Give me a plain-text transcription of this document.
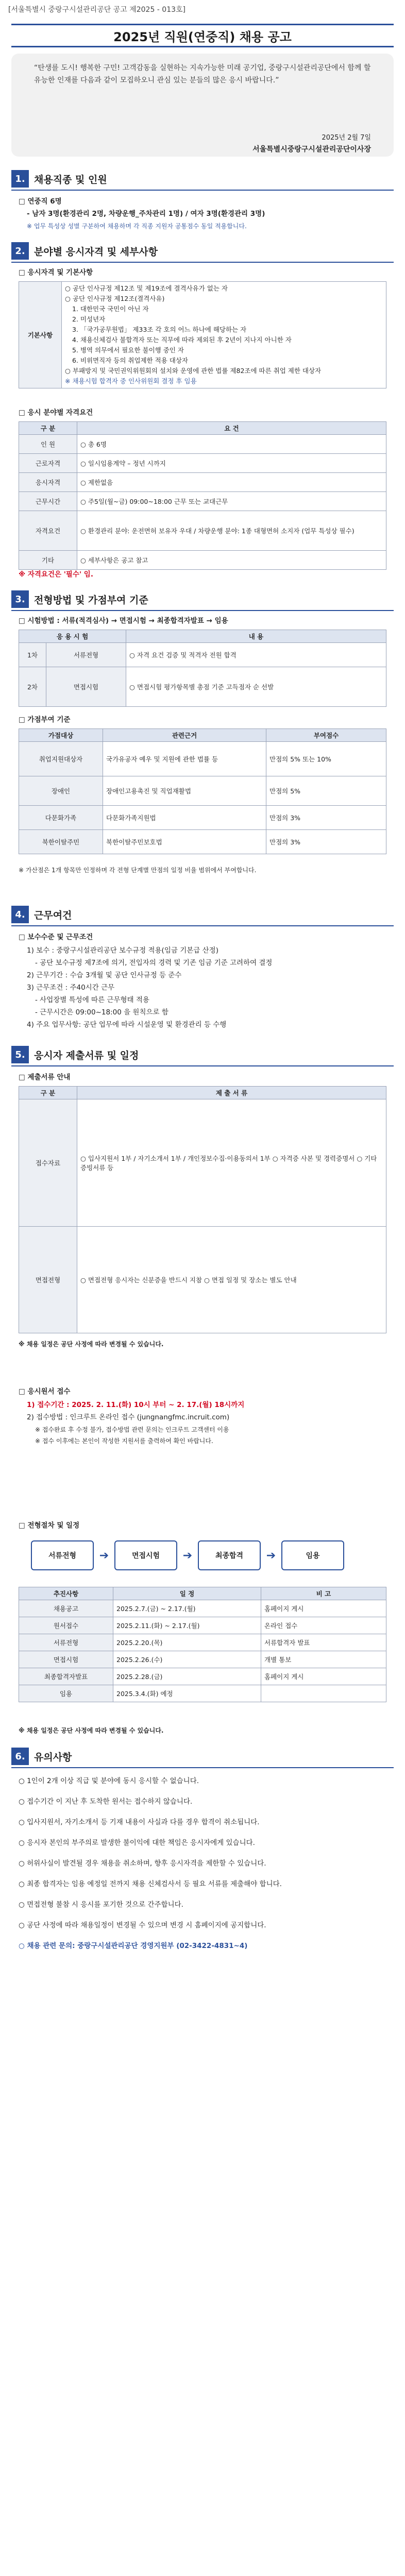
[서울특별시 중랑구시설관리공단 공고 제2025 - 013호]
2025년 직원(연중직) 채용 공고
“탄생를 도시! 행복한 구민! 고객감동을 실현하는 지속가능한 미래 공기업, 중랑구시설관리공단에서 함께 할 유능한 인재를 다음과 같이 모집하오니 관심 있는 분들의 많은 응시 바랍니다.”
2025년 2월 7일
서울특별시중랑구시설관리공단이사장
1. 채용직종 및 인원
□ 연중직 6명
- 남자 3명(환경관리 2명, 차량운행_주차관리 1명) / 여자 3명(환경관리 3명)
※ 업무 특성상 성별 구분하여 채용하며 각 직종 지원자 공통점수 동일 적용합니다.
2. 분야별 응시자격 및 세부사항
□ 응시자격 및 기본사항
기본사항	
○ 공단 인사규정 제12조 및 제19조에 결격사유가 없는 자
○ 공단 인사규정 제12조(결격사유)
1. 대한민국 국민이 아닌 자
2. 미성년자
3. 「국가공무원법」 제33조 각 호의 어느 하나에 해당하는 자
4. 채용신체검사 불합격자 또는 직무에 따라 제외된 후 2년이 지나지 아니한 자
5. 병역 의무에서 필요한 불이행 중인 자
6. 비위면직자 등의 취업제한 적용 대상자
○ 부패방지 및 국민권익위원회의 설치와 운영에 관한 법률 제82조에 따른 취업 제한 대상자
※ 채용시험 합격자 중 인사위원회 결정 후 임용
□ 응시 분야별 자격요건
구 분	요 건
인 원	○ 총 6명
근로자격	○ 일시임용계약 – 정년 시까지
응시자격	○ 제한없음
근무시간	○ 주5일(월~금) 09:00~18:00 근무 또는 교대근무
자격요건	○ 환경관리 분야: 운전면허 보유자 우대 / 차량운행 분야: 1종 대형면허 소지자 (업무 특성상 필수)
기타	○ 세부사항은 공고 참고
※ 자격요건은 '필수' 임.
3. 전형방법 및 가점부여 기준
□ 시험방법 : 서류(적격심사) → 면접시험 → 최종합격자발표 → 임용
응 용 시 험		내 용
1차	서류전형	○ 자격 요건 검증 및 적격자 전원 합격
2차	면접시험	○ 면접시험 평가항목별 총점 기준 고득점자 순 선발
□ 가점부여 기준
가점대상	관련근거	부여점수
취업지원대상자	국가유공자 예우 및 지원에 관한 법률 등	만점의 5% 또는 10%
장애인	장애인고용촉진 및 직업재활법	만점의 5%
다문화가족	다문화가족지원법	만점의 3%
북한이탈주민	북한이탈주민보호법	만점의 3%
※ 가산점은 1개 항목만 인정하며 각 전형 단계별 만점의 일정 비율 범위에서 부여합니다.
4. 근무여건
□ 보수수준 및 근무조건
1) 보수 : 중랑구시설관리공단 보수규정 적용(임금 기본급 산정)
- 공단 보수규정 제7조에 의거, 전입자의 경력 및 기존 임금 기준 고려하여 결정
2) 근무기간 : 수습 3개월 및 공단 인사규정 등 준수
3) 근무조건 : 주40시간 근무
- 사업장별 특성에 따른 근무형태 적용
- 근무시간은 09:00~18:00 을 원칙으로 함
4) 주요 업무사항: 공단 업무에 따라 시설운영 및 환경관리 등 수행
5. 응시자 제출서류 및 일정
□ 제출서류 안내
구 분	제 출 서 류
접수자료	○ 입사지원서 1부 / 자기소개서 1부 / 개인정보수집·이용동의서 1부 ○ 자격증 사본 및 경력증명서 ○ 기타 증빙서류 등
면접전형	○ 면접전형 응시자는 신분증을 반드시 지참 ○ 면접 일정 및 장소는 별도 안내
※ 채용 일정은 공단 사정에 따라 변경될 수 있습니다.
□ 응시원서 접수
1) 접수기간 : 2025. 2. 11.(화) 10시 부터 ~ 2. 17.(월) 18시까지
2) 접수방법 : 인크루트 온라인 접수 (jungnangfmc.incruit.com)
※ 접수완료 후 수정 불가, 접수방법 관련 문의는 인크루트 고객센터 이용
※ 접수 이후에는 본인이 작성한 지원서를 출력하여 확인 바랍니다.
□ 전형절차 및 일정
서류전형	➔	면접시험	➔	최종합격	➔	임용
추진사항	일 정	비 고
채용공고	2025.2.7.(금) ~ 2.17.(월)	홈페이지 게시
원서접수	2025.2.11.(화) ~ 2.17.(월)	온라인 접수
서류전형	2025.2.20.(목)	서류합격자 발표
면접시험	2025.2.26.(수)	개별 통보
최종합격자발표	2025.2.28.(금)	홈페이지 게시
임용	2025.3.4.(화) 예정	
※ 채용 일정은 공단 사정에 따라 변경될 수 있습니다.
6. 유의사항
○ 1인이 2개 이상 직급 및 분야에 동시 응시할 수 없습니다.
○ 접수기간 이 지난 후 도착한 원서는 접수하지 않습니다.
○ 입사지원서, 자기소개서 등 기재 내용이 사실과 다를 경우 합격이 취소됩니다.
○ 응시자 본인의 부주의로 발생한 불이익에 대한 책임은 응시자에게 있습니다.
○ 허위사실이 발견될 경우 채용을 취소하며, 향후 응시자격을 제한할 수 있습니다.
○ 최종 합격자는 임용 예정일 전까지 채용 신체검사서 등 필요 서류를 제출해야 합니다.
○ 면접전형 불참 시 응시를 포기한 것으로 간주합니다.
○ 공단 사정에 따라 채용일정이 변경될 수 있으며 변경 시 홈페이지에 공지합니다.
○ 채용 관련 문의: 중랑구시설관리공단 경영지원부 (02-3422-4831~4)
